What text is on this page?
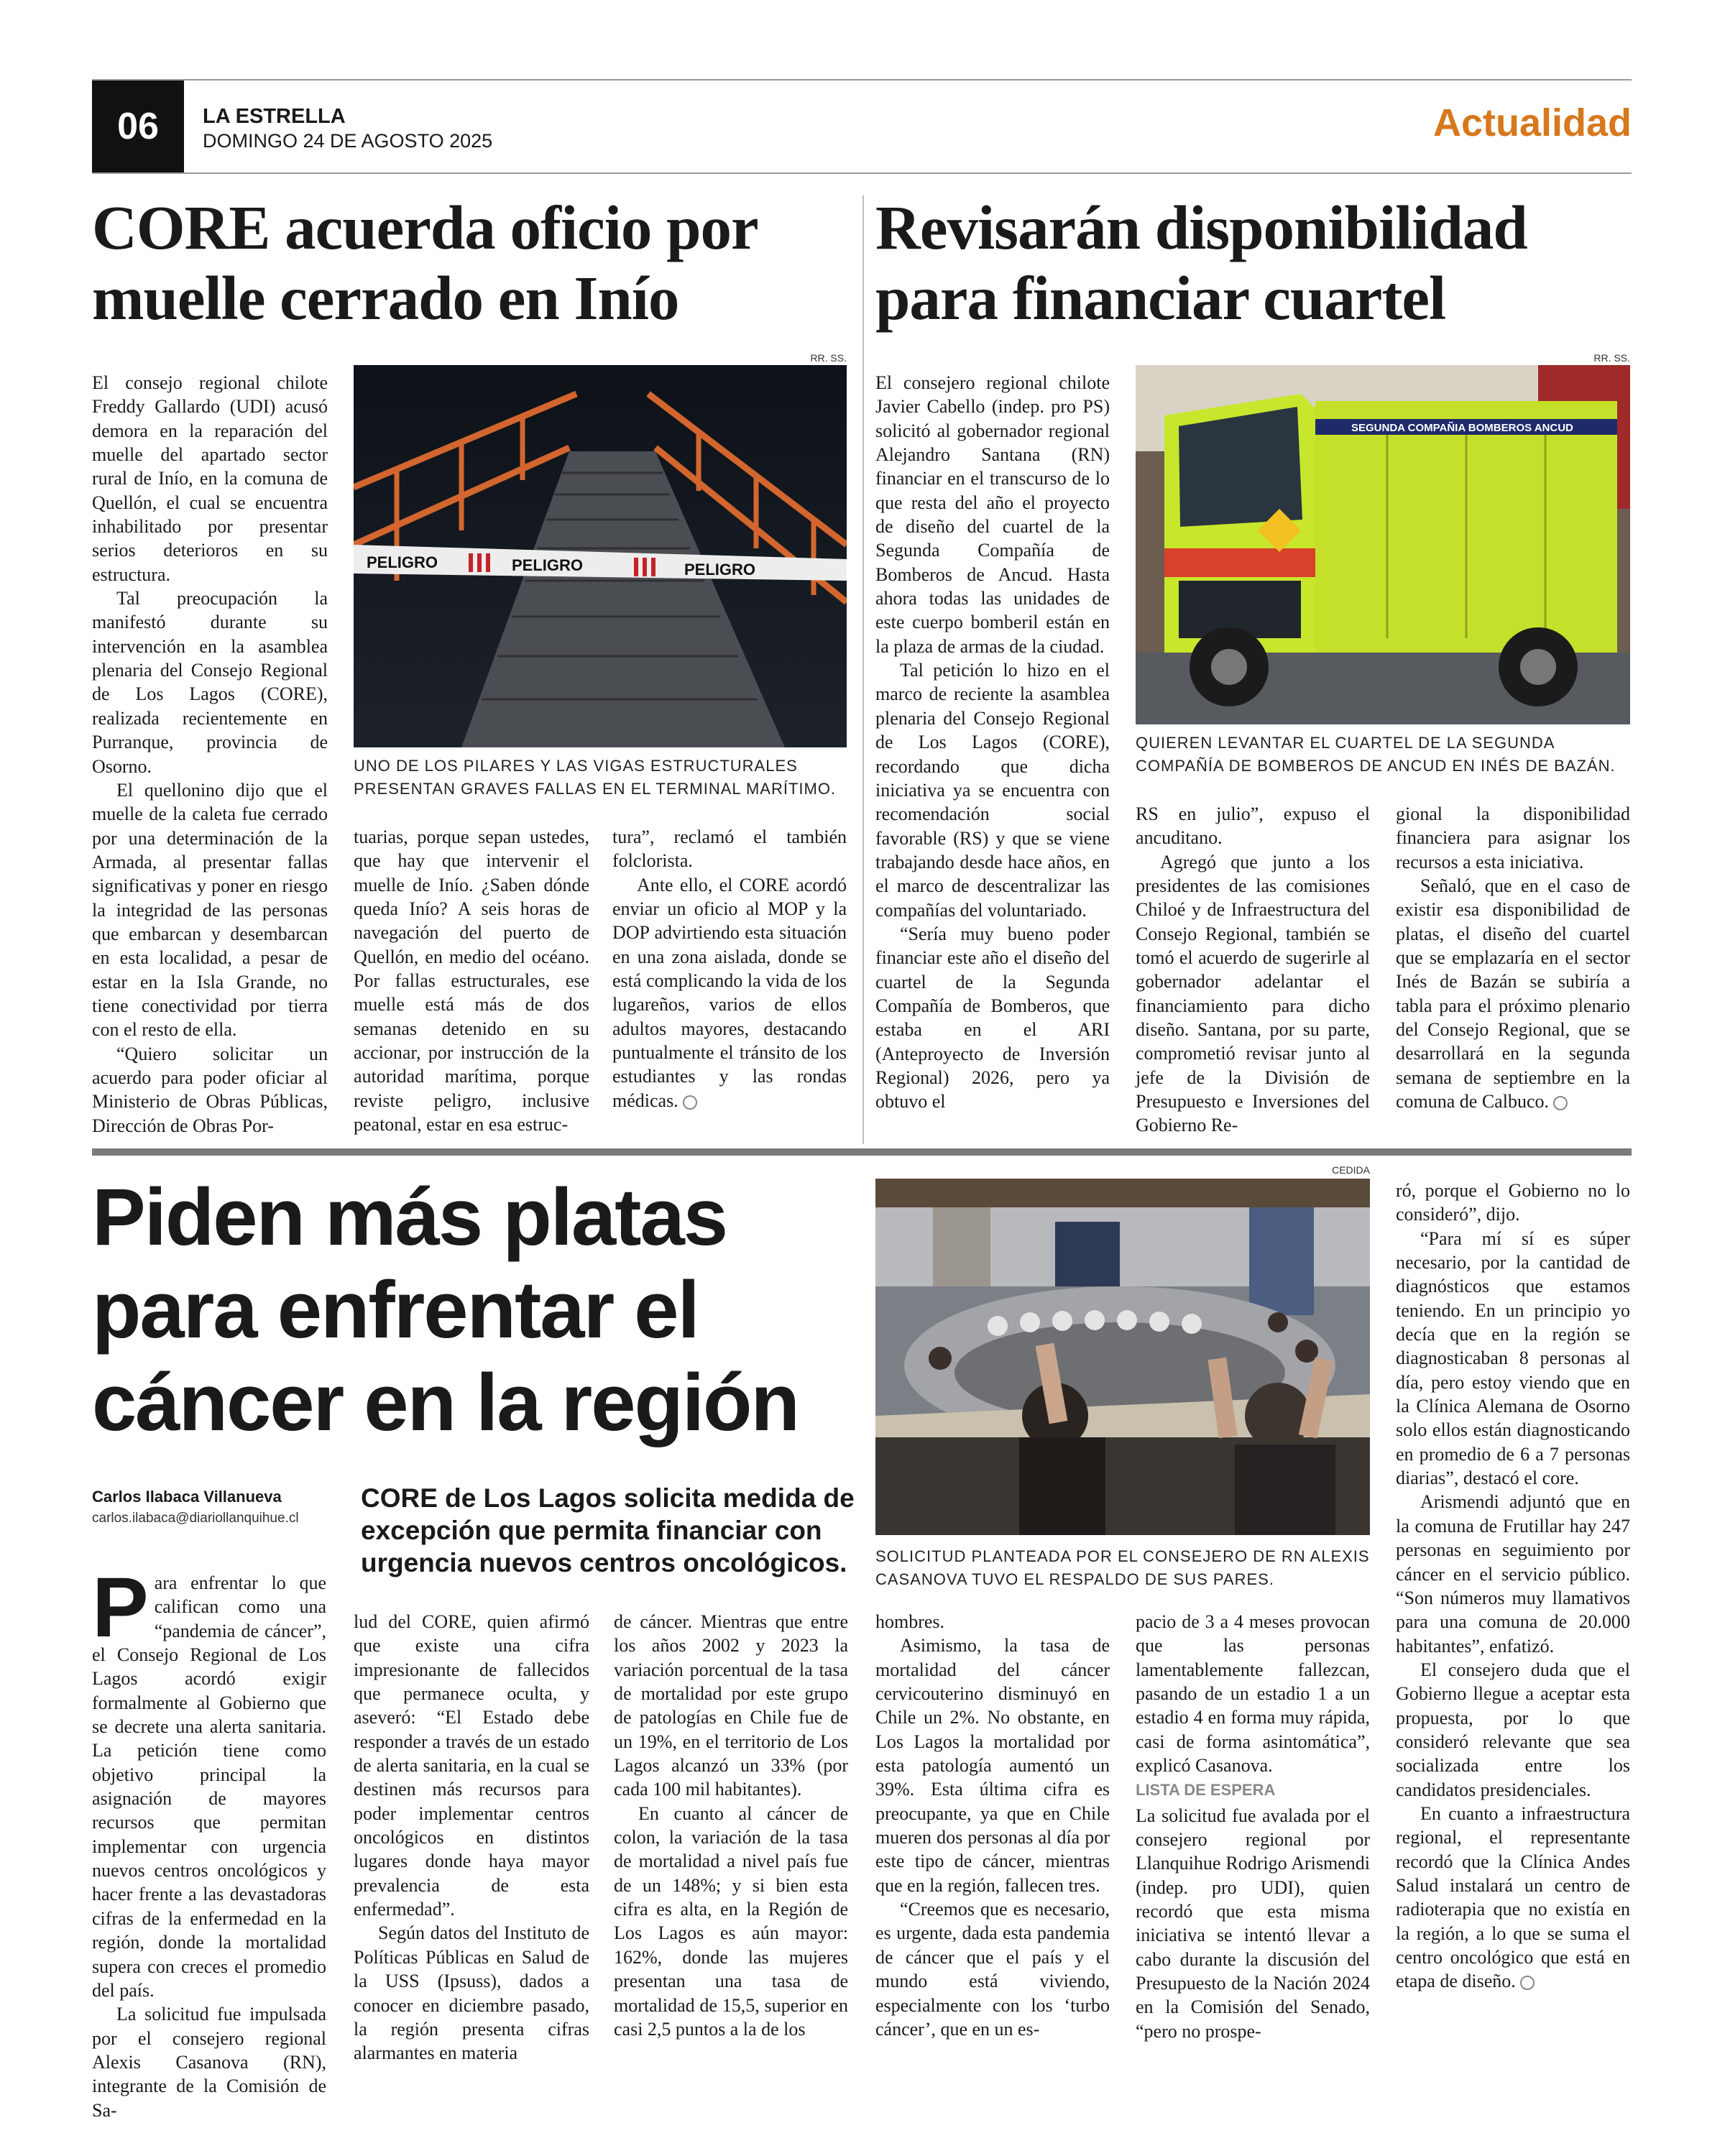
06	LA ESTRELLA
DOMINGO 24 DE AGOSTO 2025	Actualidad
CORE acuerda oficio por muelle cerrado en Inío
RR. SS.
PELIGRO	PELIGRO	PELIGRO
UNO DE LOS PILARES Y LAS VIGAS ESTRUCTURALES PRESENTAN GRAVES FALLAS EN EL TERMINAL MARÍTIMO.

El consejo regional chilote Freddy Gallardo (UDI) acusó demora en la reparación del muelle del apartado sector rural de Inío, en la comuna de Quellón, el cual se encuentra inhabilitado por presentar serios deterioros en su estructura.

Tal preocupación la manifestó durante su intervención en la asamblea plenaria del Consejo Regional de Los Lagos (CORE), realizada recientemente en Purranque, provincia de Osorno.

El quellonino dijo que el muelle de la caleta fue cerrado por una determinación de la Armada, al presentar fallas significativas y poner en riesgo la integridad de las personas que embarcan y desembarcan en esta localidad, a pesar de estar en la Isla Grande, no tiene conectividad por tierra con el resto de ella.

“Quiero solicitar un acuerdo para poder oficiar al Ministerio de Obras Públicas, Dirección de Obras Por-

tuarias, porque sepan ustedes, que hay que intervenir el muelle de Inío. ¿Saben dónde queda Inío? A seis horas de navegación del puerto de Quellón, en medio del océano. Por fallas estructurales, ese muelle está más de dos semanas detenido en su accionar, por instrucción de la autoridad marítima, porque reviste peligro, inclusive peatonal, estar en esa estruc-

tura”, reclamó el también folclorista.

Ante ello, el CORE acordó enviar un oficio al MOP y la DOP advirtiendo esta situación en una zona aislada, donde se está complicando la vida de los lugareños, varios de ellos adultos mayores, destacando puntualmente el tránsito de los estudiantes y las rondas médicas.

Revisarán disponibilidad para financiar cuartel
RR. SS.
SEGUNDA COMPAÑIA BOMBEROS ANCUD
QUIEREN LEVANTAR EL CUARTEL DE LA SEGUNDA COMPAÑÍA DE BOMBEROS DE ANCUD EN INÉS DE BAZÁN.

El consejero regional chilote Javier Cabello (indep. pro PS) solicitó al gobernador regional Alejandro Santana (RN) financiar en el transcurso de lo que resta del año el proyecto de diseño del cuartel de la Segunda Compañía de Bomberos de Ancud. Hasta ahora todas las unidades de este cuerpo bomberil están en la plaza de armas de la ciudad.

Tal petición lo hizo en el marco de reciente la asamblea plenaria del Consejo Regional de Los Lagos (CORE), recordando que dicha iniciativa ya se encuentra con recomendación social favorable (RS) y que se viene trabajando desde hace años, en el marco de descentralizar las compañías del voluntariado.

“Sería muy bueno poder financiar este año el diseño del cuartel de la Segunda Compañía de Bomberos, que estaba en el ARI (Anteproyecto de Inversión Regional) 2026, pero ya obtuvo el

RS en julio”, expuso el ancuditano.

Agregó que junto a los presidentes de las comisiones Chiloé y de Infraestructura del Consejo Regional, también se tomó el acuerdo de sugerirle al gobernador adelantar el financiamiento para dicho diseño. Santana, por su parte, comprometió revisar junto al jefe de la División de Presupuesto e Inversiones del Gobierno Re-

gional la disponibilidad financiera para asignar los recursos a esta iniciativa.

Señaló, que en el caso de existir esa disponibilidad de platas, el diseño del cuartel que se emplazaría en el sector Inés de Bazán se subiría a tabla para el próximo plenario del Consejo Regional, que se desarrollará en la segunda semana de septiembre en la comuna de Calbuco.

Piden más platas para enfrentar el cáncer en la región
Carlos Ilabaca Villanueva
carlos.ilabaca@diariollanquihue.cl
CORE de Los Lagos solicita medida de excepción que permita financiar con urgencia nuevos centros oncológicos.
CEDIDA
SOLICITUD PLANTEADA POR EL CONSEJERO DE RN ALEXIS CASANOVA TUVO EL RESPALDO DE SUS PARES.

Para enfrentar lo que califican como una “pandemia de cáncer”, el Consejo Regional de Los Lagos acordó exigir formalmente al Gobierno que se decrete una alerta sanitaria. La petición tiene como objetivo principal la asignación de mayores recursos que permitan implementar con urgencia nuevos centros oncológicos y hacer frente a las devastadoras cifras de la enfermedad en la región, donde la mortalidad supera con creces el promedio del país.

La solicitud fue impulsada por el consejero regional Alexis Casanova (RN), integrante de la Comisión de Sa-

lud del CORE, quien afirmó que existe una cifra impresionante de fallecidos que permanece oculta, y aseveró: “El Estado debe responder a través de un estado de alerta sanitaria, en la cual se destinen más recursos para poder implementar centros oncológicos en distintos lugares donde haya mayor prevalencia de esta enfermedad”.

Según datos del Instituto de Políticas Públicas en Salud de la USS (Ipsuss), dados a conocer en diciembre pasado, la región presenta cifras alarmantes en materia

de cáncer. Mientras que entre los años 2002 y 2023 la variación porcentual de la tasa de mortalidad por este grupo de patologías en Chile fue de un 19%, en el territorio de Los Lagos alcanzó un 33% (por cada 100 mil habitantes).

En cuanto al cáncer de colon, la variación de la tasa de mortalidad a nivel país fue de un 148%; y si bien esta cifra es alta, en la Región de Los Lagos es aún mayor: 162%, donde las mujeres presentan una tasa de mortalidad de 15,5, superior en casi 2,5 puntos a la de los

hombres.

Asimismo, la tasa de mortalidad del cáncer cervicouterino disminuyó en Chile un 2%. No obstante, en Los Lagos la mortalidad por esta patología aumentó un 39%. Esta última cifra es preocupante, ya que en Chile mueren dos personas al día por este tipo de cáncer, mientras que en la región, fallecen tres.

“Creemos que es necesario, es urgente, dada esta pandemia de cáncer que el país y el mundo está viviendo, especialmente con los ‘turbo cáncer’, que en un es-

pacio de 3 a 4 meses provocan que las personas lamentablemente fallezcan, pasando de un estadio 1 a un estadio 4 en forma muy rápida, casi de forma asintomática”, explicó Casanova.

LISTA DE ESPERA

La solicitud fue avalada por el consejero regional por Llanquihue Rodrigo Arismendi (indep. pro UDI), quien recordó que esta misma iniciativa se intentó llevar a cabo durante la discusión del Presupuesto de la Nación 2024 en la Comisión del Senado, “pero no prospe-

ró, porque el Gobierno no lo consideró”, dijo.

“Para mí sí es súper necesario, por la cantidad de diagnósticos que estamos teniendo. En un principio yo decía que en la región se diagnosticaban 8 personas al día, pero estoy viendo que en la Clínica Alemana de Osorno solo ellos están diagnosticando en promedio de 6 a 7 personas diarias”, destacó el core.

Arismendi adjuntó que en la comuna de Frutillar hay 247 personas en seguimiento por cáncer en el servicio público. “Son números muy llamativos para una comuna de 20.000 habitantes”, enfatizó.

El consejero duda que el Gobierno llegue a aceptar esta propuesta, por lo que consideró relevante que sea socializada entre los candidatos presidenciales.

En cuanto a infraestructura regional, el representante recordó que la Clínica Andes Salud instalará un centro de radioterapia que no existía en la región, a lo que se suma el centro oncológico que está en etapa de diseño.
